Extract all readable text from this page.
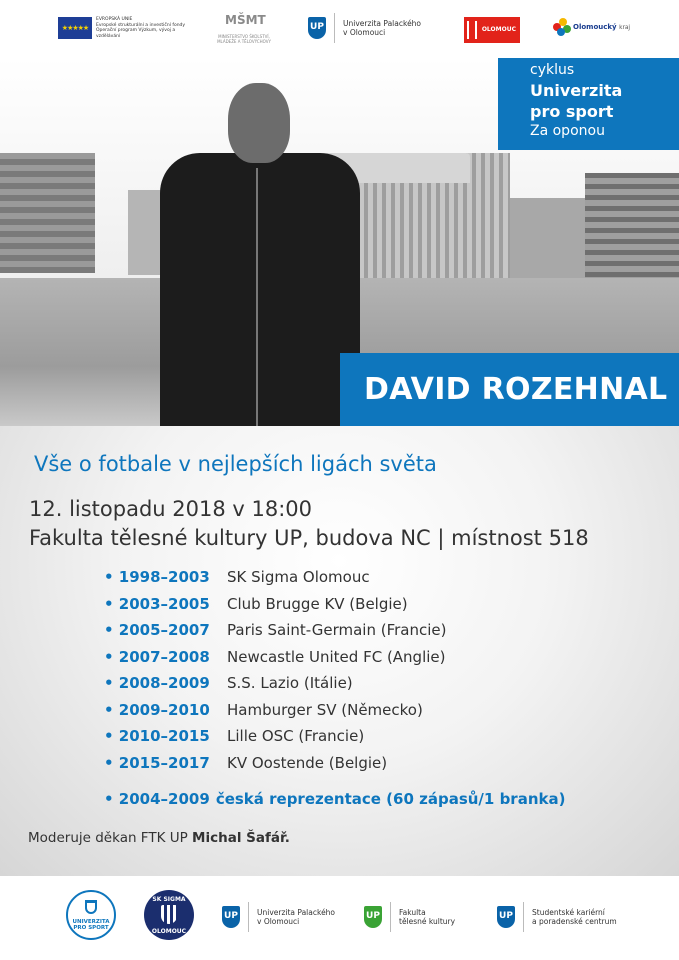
★★★★★
EVROPSKÁ UNIE
Evropské strukturální a investiční fondy
Operační program Výzkum, vývoj a vzdělávání
MŠMT
MINISTERSTVO ŠKOLSTVÍ,
MLÁDEŽE A TĚLOVÝCHOVY
UP	Univerzita Palackého
v Olomouci	OLOMOUC	Olomoucký kraj
cyklus
Univerzita
pro sport
Za oponou
DAVID ROZEHNAL
Vše o fotbale v nejlepších ligách světa
12. listopadu 2018 v 18:00
Fakulta tělesné kultury UP, budova NC | místnost 518
• 1998–2003 SK Sigma Olomouc
• 2003–2005 Club Brugge KV (Belgie)
• 2005–2007 Paris Saint-Germain (Francie)
• 2007–2008 Newcastle United FC (Anglie)
• 2008–2009 S.S. Lazio (Itálie)
• 2009–2010 Hamburger SV (Německo)
• 2010–2015 Lille OSC (Francie)
• 2015–2017 KV Oostende (Belgie)
• 2004–2009 česká reprezentace (60 zápasů/1 branka)
Moderuje děkan FTK UP Michal Šafář.
UNIVERZITA
PRO SPORT
SK SIGMA
OLOMOUC
UP	Univerzita Palackého
v Olomouci
UP	Fakulta
tělesné kultury
UP	Studentské kariérní
a poradenské centrum
